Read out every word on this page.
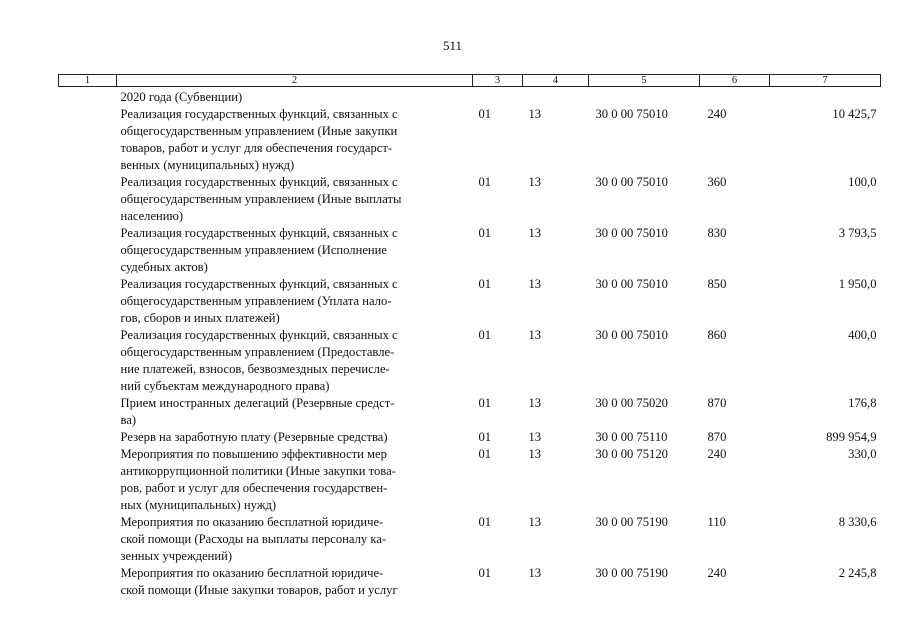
511
1	2	3	4	5	6	7
	2020 года (Субвенции)					

	Реализация государственных функций, связанных с
общегосударственным управлением (Иные закупки
товаров, работ и услуг для обеспечения государст-
венных (муниципальных) нужд)	01	13	30 0 00 75010	240	10 425,7

	Реализация государственных функций, связанных с
общегосударственным управлением (Иные выплаты
населению)	01	13	30 0 00 75010	360	100,0

	Реализация государственных функций, связанных с
общегосударственным управлением (Исполнение
судебных актов)	01	13	30 0 00 75010	830	3 793,5

	Реализация государственных функций, связанных с
общегосударственным управлением (Уплата нало-
гов, сборов и иных платежей)	01	13	30 0 00 75010	850	1 950,0

	Реализация государственных функций, связанных с
общегосударственным управлением (Предоставле-
ние платежей, взносов, безвозмездных перечисле-
ний субъектам международного права)	01	13	30 0 00 75010	860	400,0

	Прием иностранных делегаций (Резервные средст-
ва)	01	13	30 0 00 75020	870	176,8

	Резерв на заработную плату (Резервные средства)	01	13	30 0 00 75110	870	899 954,9

	Мероприятия по повышению эффективности мер
антикоррупционной политики (Иные закупки това-
ров, работ и услуг для обеспечения государствен-
ных (муниципальных) нужд)	01	13	30 0 00 75120	240	330,0

	Мероприятия по оказанию бесплатной юридиче-
ской помощи (Расходы на выплаты персоналу ка-
зенных учреждений)	01	13	30 0 00 75190	110	8 330,6

	Мероприятия по оказанию бесплатной юридиче-
ской помощи (Иные закупки товаров, работ и услуг	01	13	30 0 00 75190	240	2 245,8
